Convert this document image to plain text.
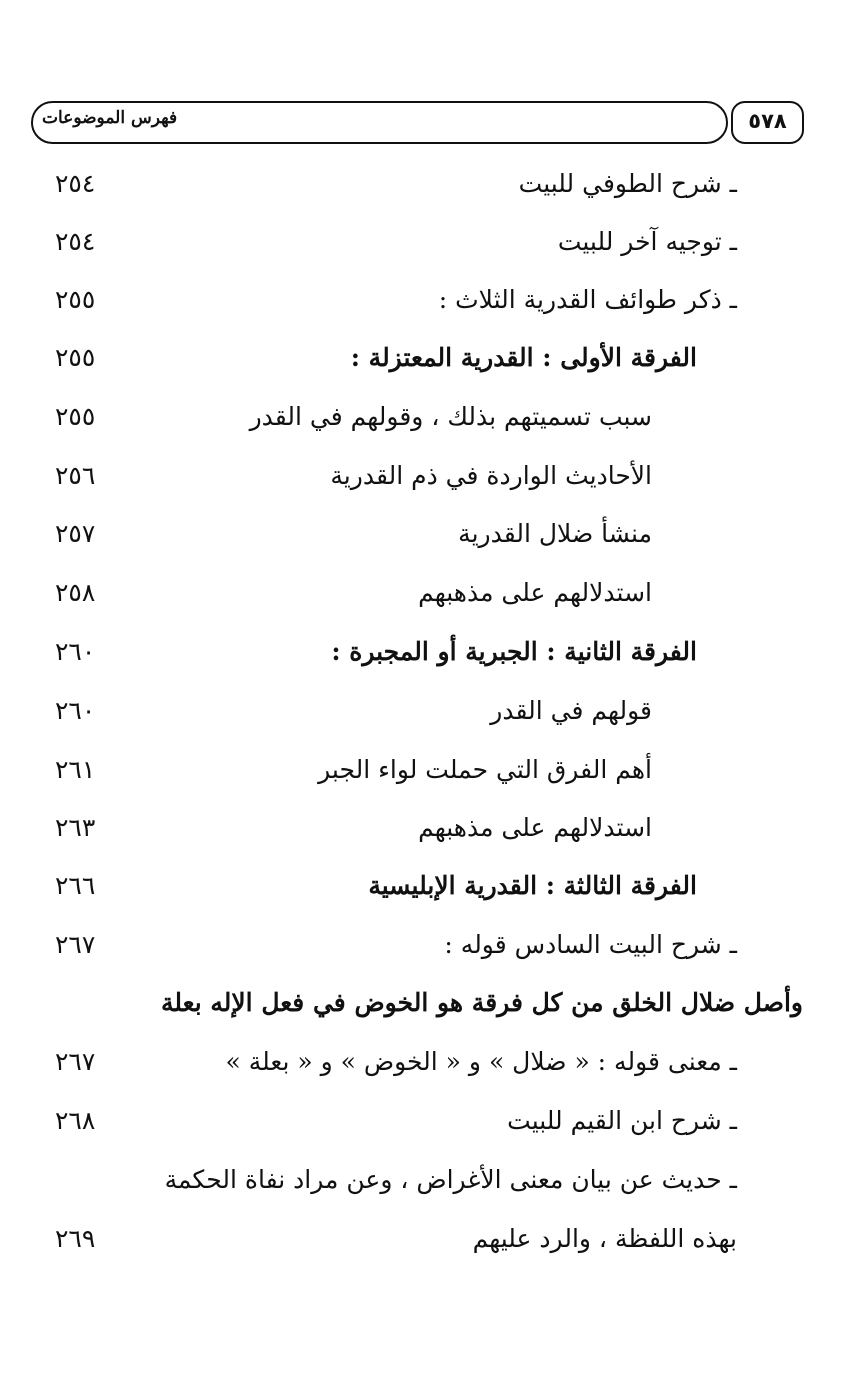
فهرس الموضوعات	٥٧٨
ـ شرح الطوفي للبيت
٢٥٤
ـ توجيه آخر للبيت
٢٥٤
ـ ذكر طوائف القدرية الثلاث :
٢٥٥
الفرقة الأولى : القدرية المعتزلة :
٢٥٥
سبب تسميتهم بذلك ، وقولهم في القدر
٢٥٥
الأحاديث الواردة في ذم القدرية
٢٥٦
منشأ ضلال القدرية
٢٥٧
استدلالهم على مذهبهم
٢٥٨
الفرقة الثانية : الجبرية أو المجبرة :
٢٦٠
قولهم في القدر
٢٦٠
أهم الفرق التي حملت لواء الجبر
٢٦١
استدلالهم على مذهبهم
٢٦٣
الفرقة الثالثة : القدرية الإبليسية
٢٦٦
ـ شرح البيت السادس قوله :
٢٦٧
وأصل ضلال الخلق من كل فرقة هو الخوض في فعل الإله بعلة
ـ معنى قوله : « ضلال » و « الخوض » و « بعلة »
٢٦٧
ـ شرح ابن القيم للبيت
٢٦٨
ـ حديث عن بيان معنى الأغراض ، وعن مراد نفاة الحكمة
بهذه اللفظة ، والرد عليهم
٢٦٩
